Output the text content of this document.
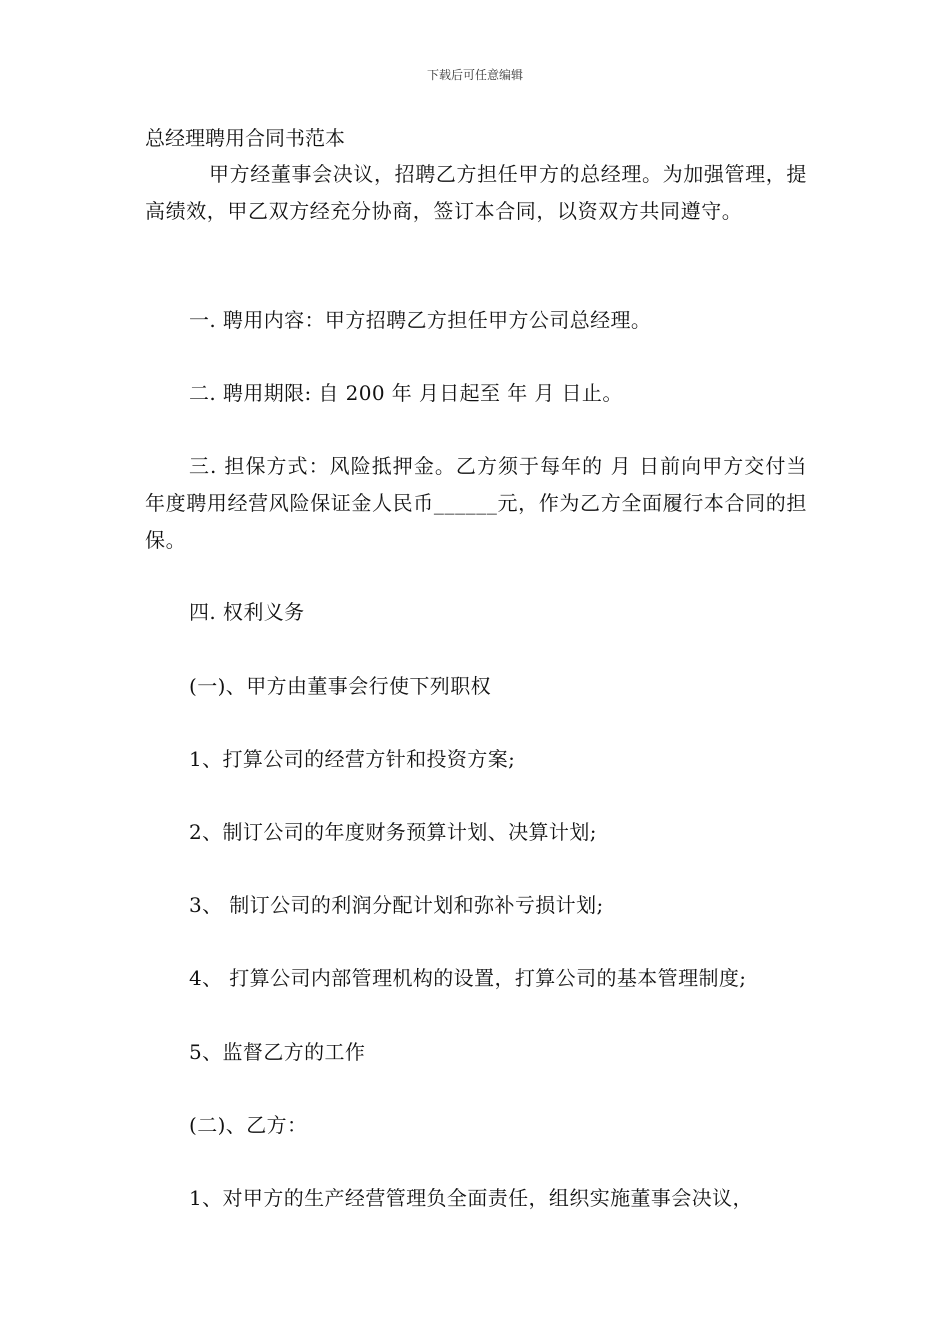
下载后可任意编辑
总经理聘用合同书范本
甲方经董事会决议，招聘乙方担任甲方的总经理。为加强管理，提高绩效，甲乙双方经充分协商，签订本合同，以资双方共同遵守。
一. 聘用内容：甲方招聘乙方担任甲方公司总经理。
二. 聘用期限: 自 200 年 月日起至 年 月 日止。
三. 担保方式：风险抵押金。乙方须于每年的 月 日前向甲方交付当年度聘用经营风险保证金人民币______元，作为乙方全面履行本合同的担保。
四. 权利义务
(一)、甲方由董事会行使下列职权
1、打算公司的经营方针和投资方案;
2、制订公司的年度财务预算计划、决算计划;
3、 制订公司的利润分配计划和弥补亏损计划;
4、 打算公司内部管理机构的设置，打算公司的基本管理制度;
5、监督乙方的工作
(二)、乙方：
1、对甲方的生产经营管理负全面责任，组织实施董事会决议，
